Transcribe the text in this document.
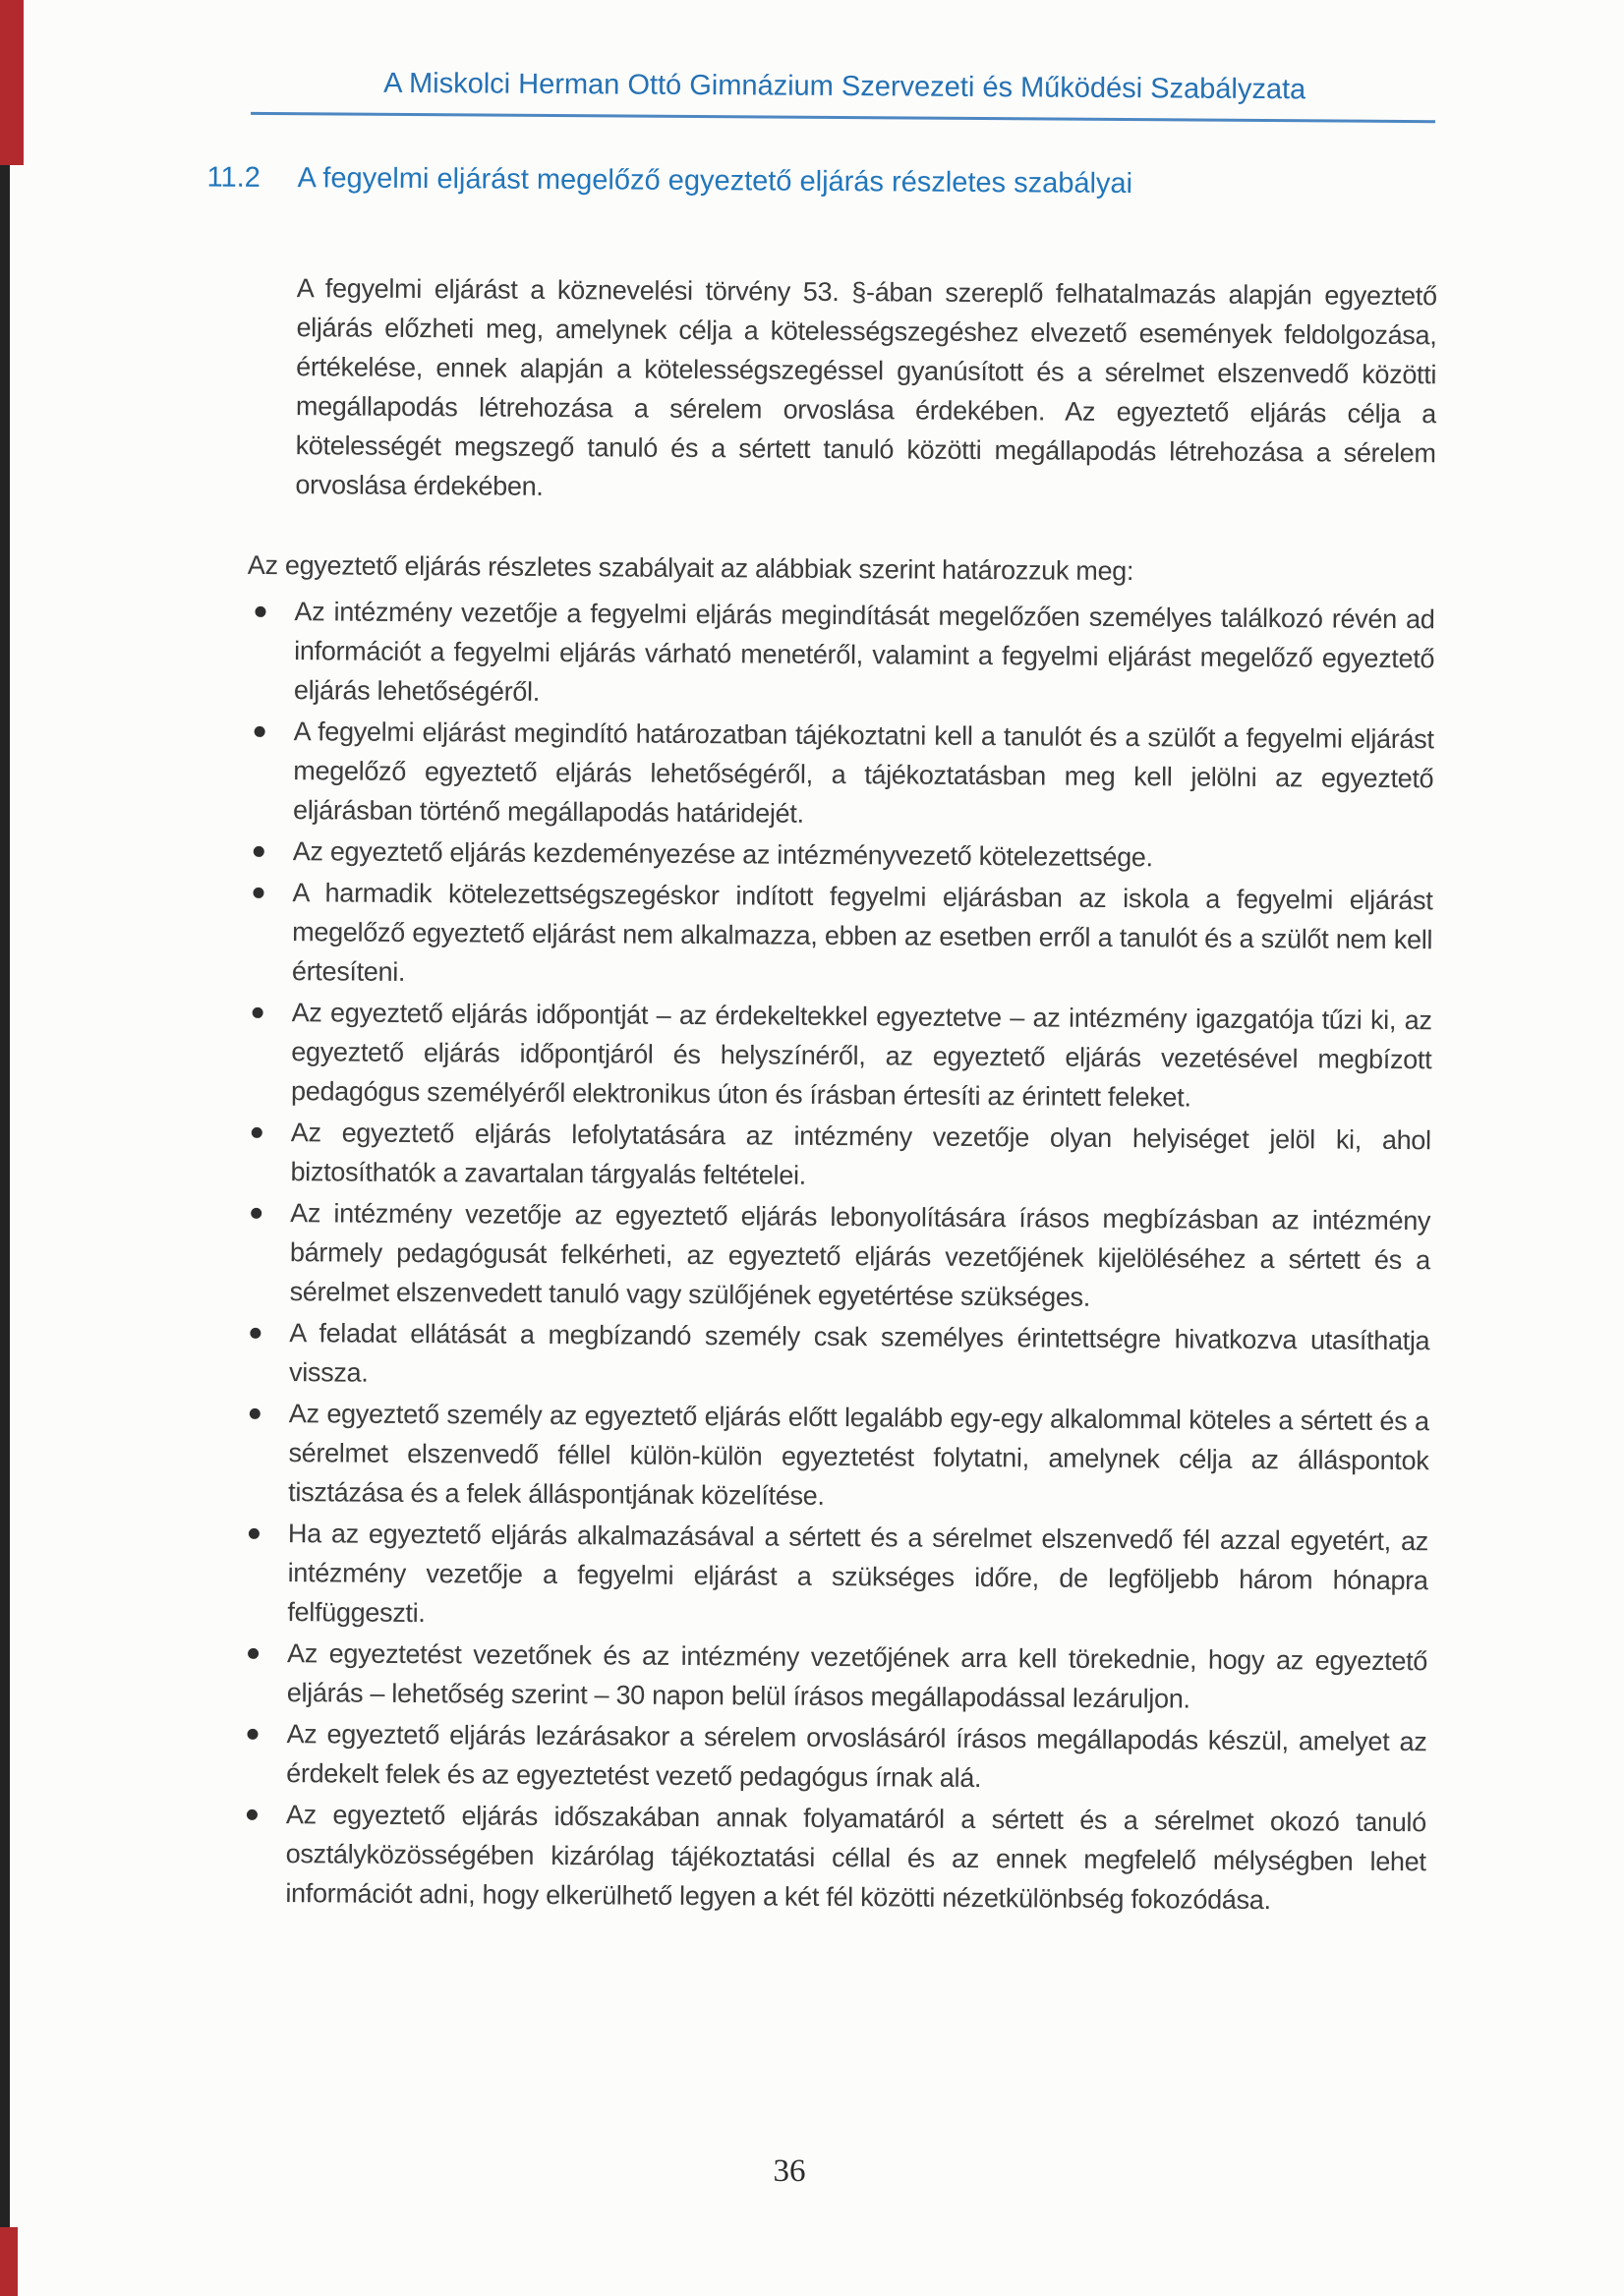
A Miskolci Herman Ottó Gimnázium Szervezeti és Működési Szabályzata
11.2	A fegyelmi eljárást megelőző egyeztető eljárás részletes szabályai

A fegyelmi eljárást a köznevelési törvény 53. §-ában szereplő felhatalmazás alapján egyeztető eljárás előzheti meg, amelynek célja a kötelességszegéshez elvezető események feldolgozása, értékelése, ennek alapján a kötelességszegéssel gyanúsított és a sérelmet elszenvedő közötti megállapodás létrehozása a sérelem orvoslása érdekében. Az egyeztető eljárás célja a kötelességét megszegő tanuló és a sértett tanuló közötti megállapodás létrehozása a sérelem orvoslása érdekében.

Az egyeztető eljárás részletes szabályait az alábbiak szerint határozzuk meg:

Az intézmény vezetője a fegyelmi eljárás megindítását megelőzően személyes találkozó révén ad információt a fegyelmi eljárás várható menetéről, valamint a fegyelmi eljárást megelőző egyeztető eljárás lehetőségéről.
A fegyelmi eljárást megindító határozatban tájékoztatni kell a tanulót és a szülőt a fegyelmi eljárást megelőző egyeztető eljárás lehetőségéről, a tájékoztatásban meg kell jelölni az egyeztető eljárásban történő megállapodás határidejét.
Az egyeztető eljárás kezdeményezése az intézményvezető kötelezettsége.
A harmadik kötelezettségszegéskor indított fegyelmi eljárásban az iskola a fegyelmi eljárást megelőző egyeztető eljárást nem alkalmazza, ebben az esetben erről a tanulót és a szülőt nem kell értesíteni.
Az egyeztető eljárás időpontját – az érdekeltekkel egyeztetve – az intézmény igazgatója tűzi ki, az egyeztető eljárás időpontjáról és helyszínéről, az egyeztető eljárás vezetésével megbízott pedagógus személyéről elektronikus úton és írásban értesíti az érintett feleket.
Az egyeztető eljárás lefolytatására az intézmény vezetője olyan helyiséget jelöl ki, ahol biztosíthatók a zavartalan tárgyalás feltételei.
Az intézmény vezetője az egyeztető eljárás lebonyolítására írásos megbízásban az intézmény bármely pedagógusát felkérheti, az egyeztető eljárás vezetőjének kijelöléséhez a sértett és a sérelmet elszenvedett tanuló vagy szülőjének egyetértése szükséges.
A feladat ellátását a megbízandó személy csak személyes érintettségre hivatkozva utasíthatja vissza.
Az egyeztető személy az egyeztető eljárás előtt legalább egy-egy alkalommal köteles a sértett és a sérelmet elszenvedő féllel külön-külön egyeztetést folytatni, amelynek célja az álláspontok tisztázása és a felek álláspontjának közelítése.
Ha az egyeztető eljárás alkalmazásával a sértett és a sérelmet elszenvedő fél azzal egyetért, az intézmény vezetője a fegyelmi eljárást a szükséges időre, de legföljebb három hónapra felfüggeszti.
Az egyeztetést vezetőnek és az intézmény vezetőjének arra kell törekednie, hogy az egyeztető eljárás – lehetőség szerint – 30 napon belül írásos megállapodással lezáruljon.
Az egyeztető eljárás lezárásakor a sérelem orvoslásáról írásos megállapodás készül, amelyet az érdekelt felek és az egyeztetést vezető pedagógus írnak alá.
Az egyeztető eljárás időszakában annak folyamatáról a sértett és a sérelmet okozó tanuló osztályközösségében kizárólag tájékoztatási céllal és az ennek megfelelő mélységben lehet információt adni, hogy elkerülhető legyen a két fél közötti nézetkülönbség fokozódása.
36
